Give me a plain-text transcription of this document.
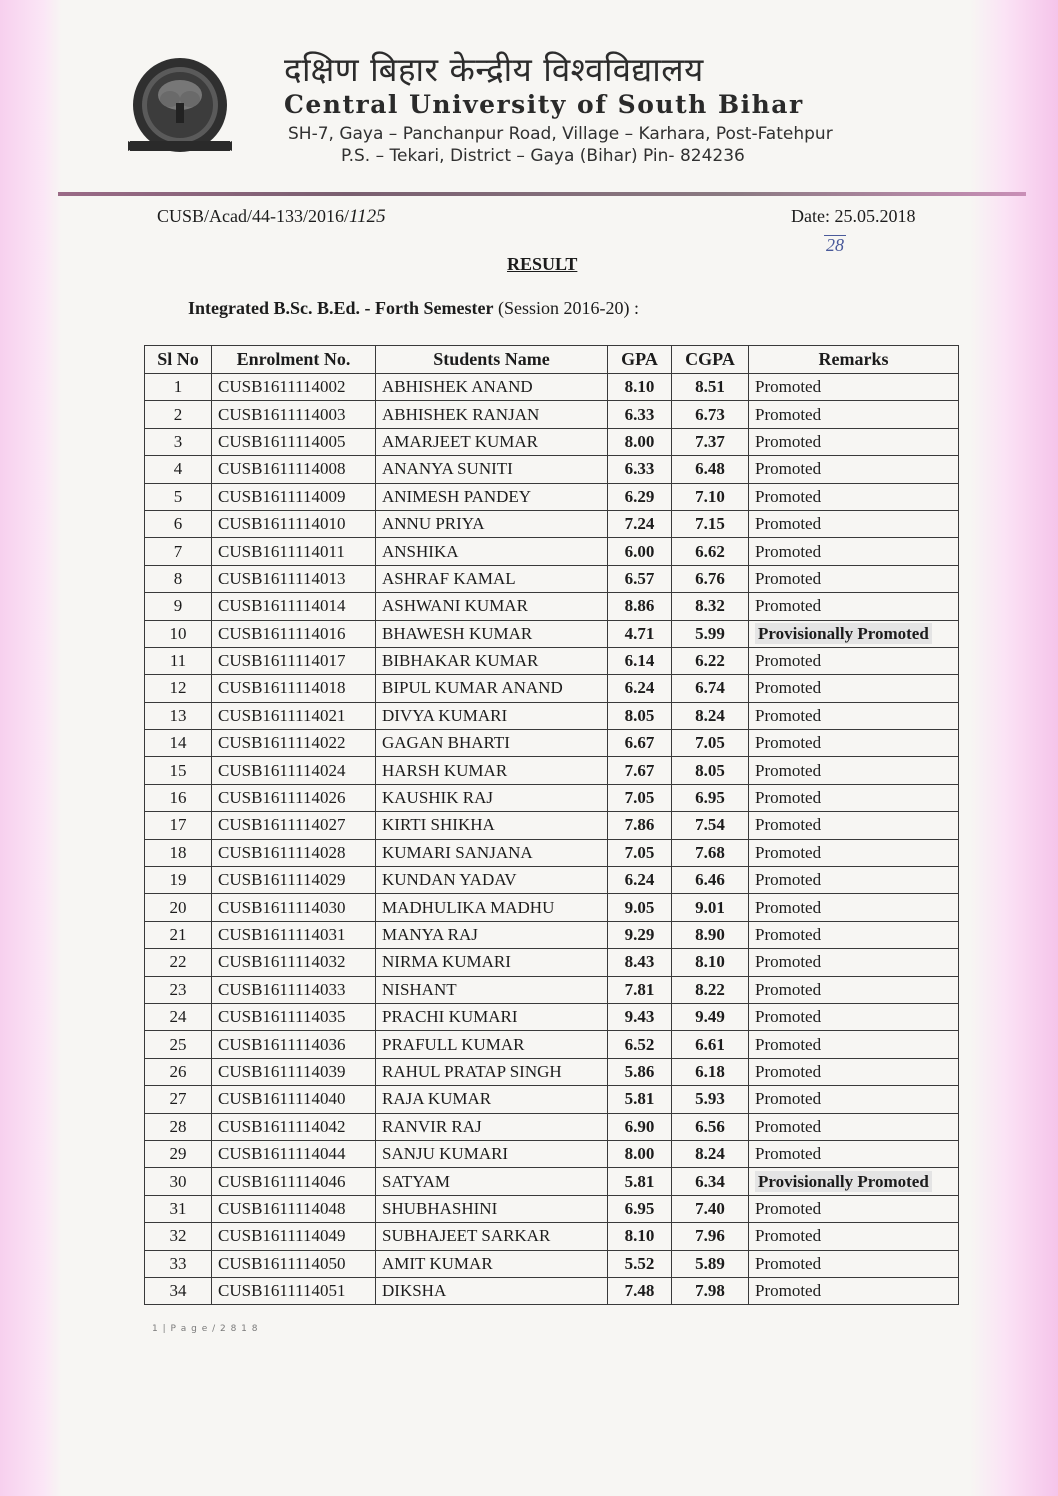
दक्षिण बिहार केन्द्रीय विश्वविद्यालय
Central University of South Bihar
SH-7, Gaya – Panchanpur Road, Village – Karhara, Post-Fatehpur
P.S. – Tekari, District – Gaya (Bihar) Pin- 824236
CUSB/Acad/44-133/2016/1125	Date: 25.05.2018
28
RESULT
Integrated B.Sc. B.Ed. - Forth Semester (Session 2016-20) :
Sl No	Enrolment No.	Students Name	GPA	CGPA	Remarks
1	CUSB1611114002	ABHISHEK ANAND	8.10	8.51	Promoted
2	CUSB1611114003	ABHISHEK RANJAN	6.33	6.73	Promoted
3	CUSB1611114005	AMARJEET KUMAR	8.00	7.37	Promoted
4	CUSB1611114008	ANANYA SUNITI	6.33	6.48	Promoted
5	CUSB1611114009	ANIMESH PANDEY	6.29	7.10	Promoted
6	CUSB1611114010	ANNU PRIYA	7.24	7.15	Promoted
7	CUSB1611114011	ANSHIKA	6.00	6.62	Promoted
8	CUSB1611114013	ASHRAF KAMAL	6.57	6.76	Promoted
9	CUSB1611114014	ASHWANI KUMAR	8.86	8.32	Promoted
10	CUSB1611114016	BHAWESH KUMAR	4.71	5.99	Provisionally Promoted
11	CUSB1611114017	BIBHAKAR KUMAR	6.14	6.22	Promoted
12	CUSB1611114018	BIPUL KUMAR ANAND	6.24	6.74	Promoted
13	CUSB1611114021	DIVYA KUMARI	8.05	8.24	Promoted
14	CUSB1611114022	GAGAN BHARTI	6.67	7.05	Promoted
15	CUSB1611114024	HARSH KUMAR	7.67	8.05	Promoted
16	CUSB1611114026	KAUSHIK RAJ	7.05	6.95	Promoted
17	CUSB1611114027	KIRTI SHIKHA	7.86	7.54	Promoted
18	CUSB1611114028	KUMARI SANJANA	7.05	7.68	Promoted
19	CUSB1611114029	KUNDAN YADAV	6.24	6.46	Promoted
20	CUSB1611114030	MADHULIKA MADHU	9.05	9.01	Promoted
21	CUSB1611114031	MANYA RAJ	9.29	8.90	Promoted
22	CUSB1611114032	NIRMA KUMARI	8.43	8.10	Promoted
23	CUSB1611114033	NISHANT	7.81	8.22	Promoted
24	CUSB1611114035	PRACHI KUMARI	9.43	9.49	Promoted
25	CUSB1611114036	PRAFULL KUMAR	6.52	6.61	Promoted
26	CUSB1611114039	RAHUL PRATAP SINGH	5.86	6.18	Promoted
27	CUSB1611114040	RAJA KUMAR	5.81	5.93	Promoted
28	CUSB1611114042	RANVIR RAJ	6.90	6.56	Promoted
29	CUSB1611114044	SANJU KUMARI	8.00	8.24	Promoted
30	CUSB1611114046	SATYAM	5.81	6.34	Provisionally Promoted
31	CUSB1611114048	SHUBHASHINI	6.95	7.40	Promoted
32	CUSB1611114049	SUBHAJEET SARKAR	8.10	7.96	Promoted
33	CUSB1611114050	AMIT KUMAR	5.52	5.89	Promoted
34	CUSB1611114051	DIKSHA	7.48	7.98	Promoted
1 | P a g e / 2 8 1 8
